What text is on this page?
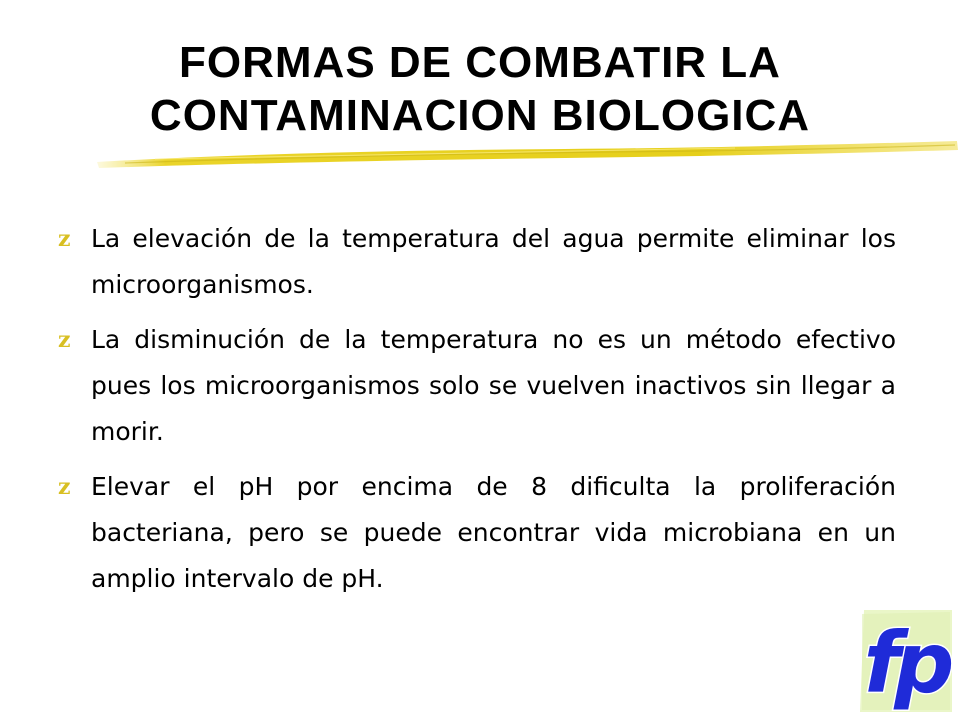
FORMAS DE COMBATIR LA
CONTAMINACION BIOLOGICA
z La elevación de la temperatura del agua permite eliminar los microorganismos.
z La disminución de la temperatura no es un método efectivo pues los microorganismos solo se vuelven inactivos sin llegar a morir.
z Elevar el pH por encima de 8 dificulta la proliferación bacteriana, pero se puede encontrar vida microbiana en un amplio intervalo de pH.
fp
